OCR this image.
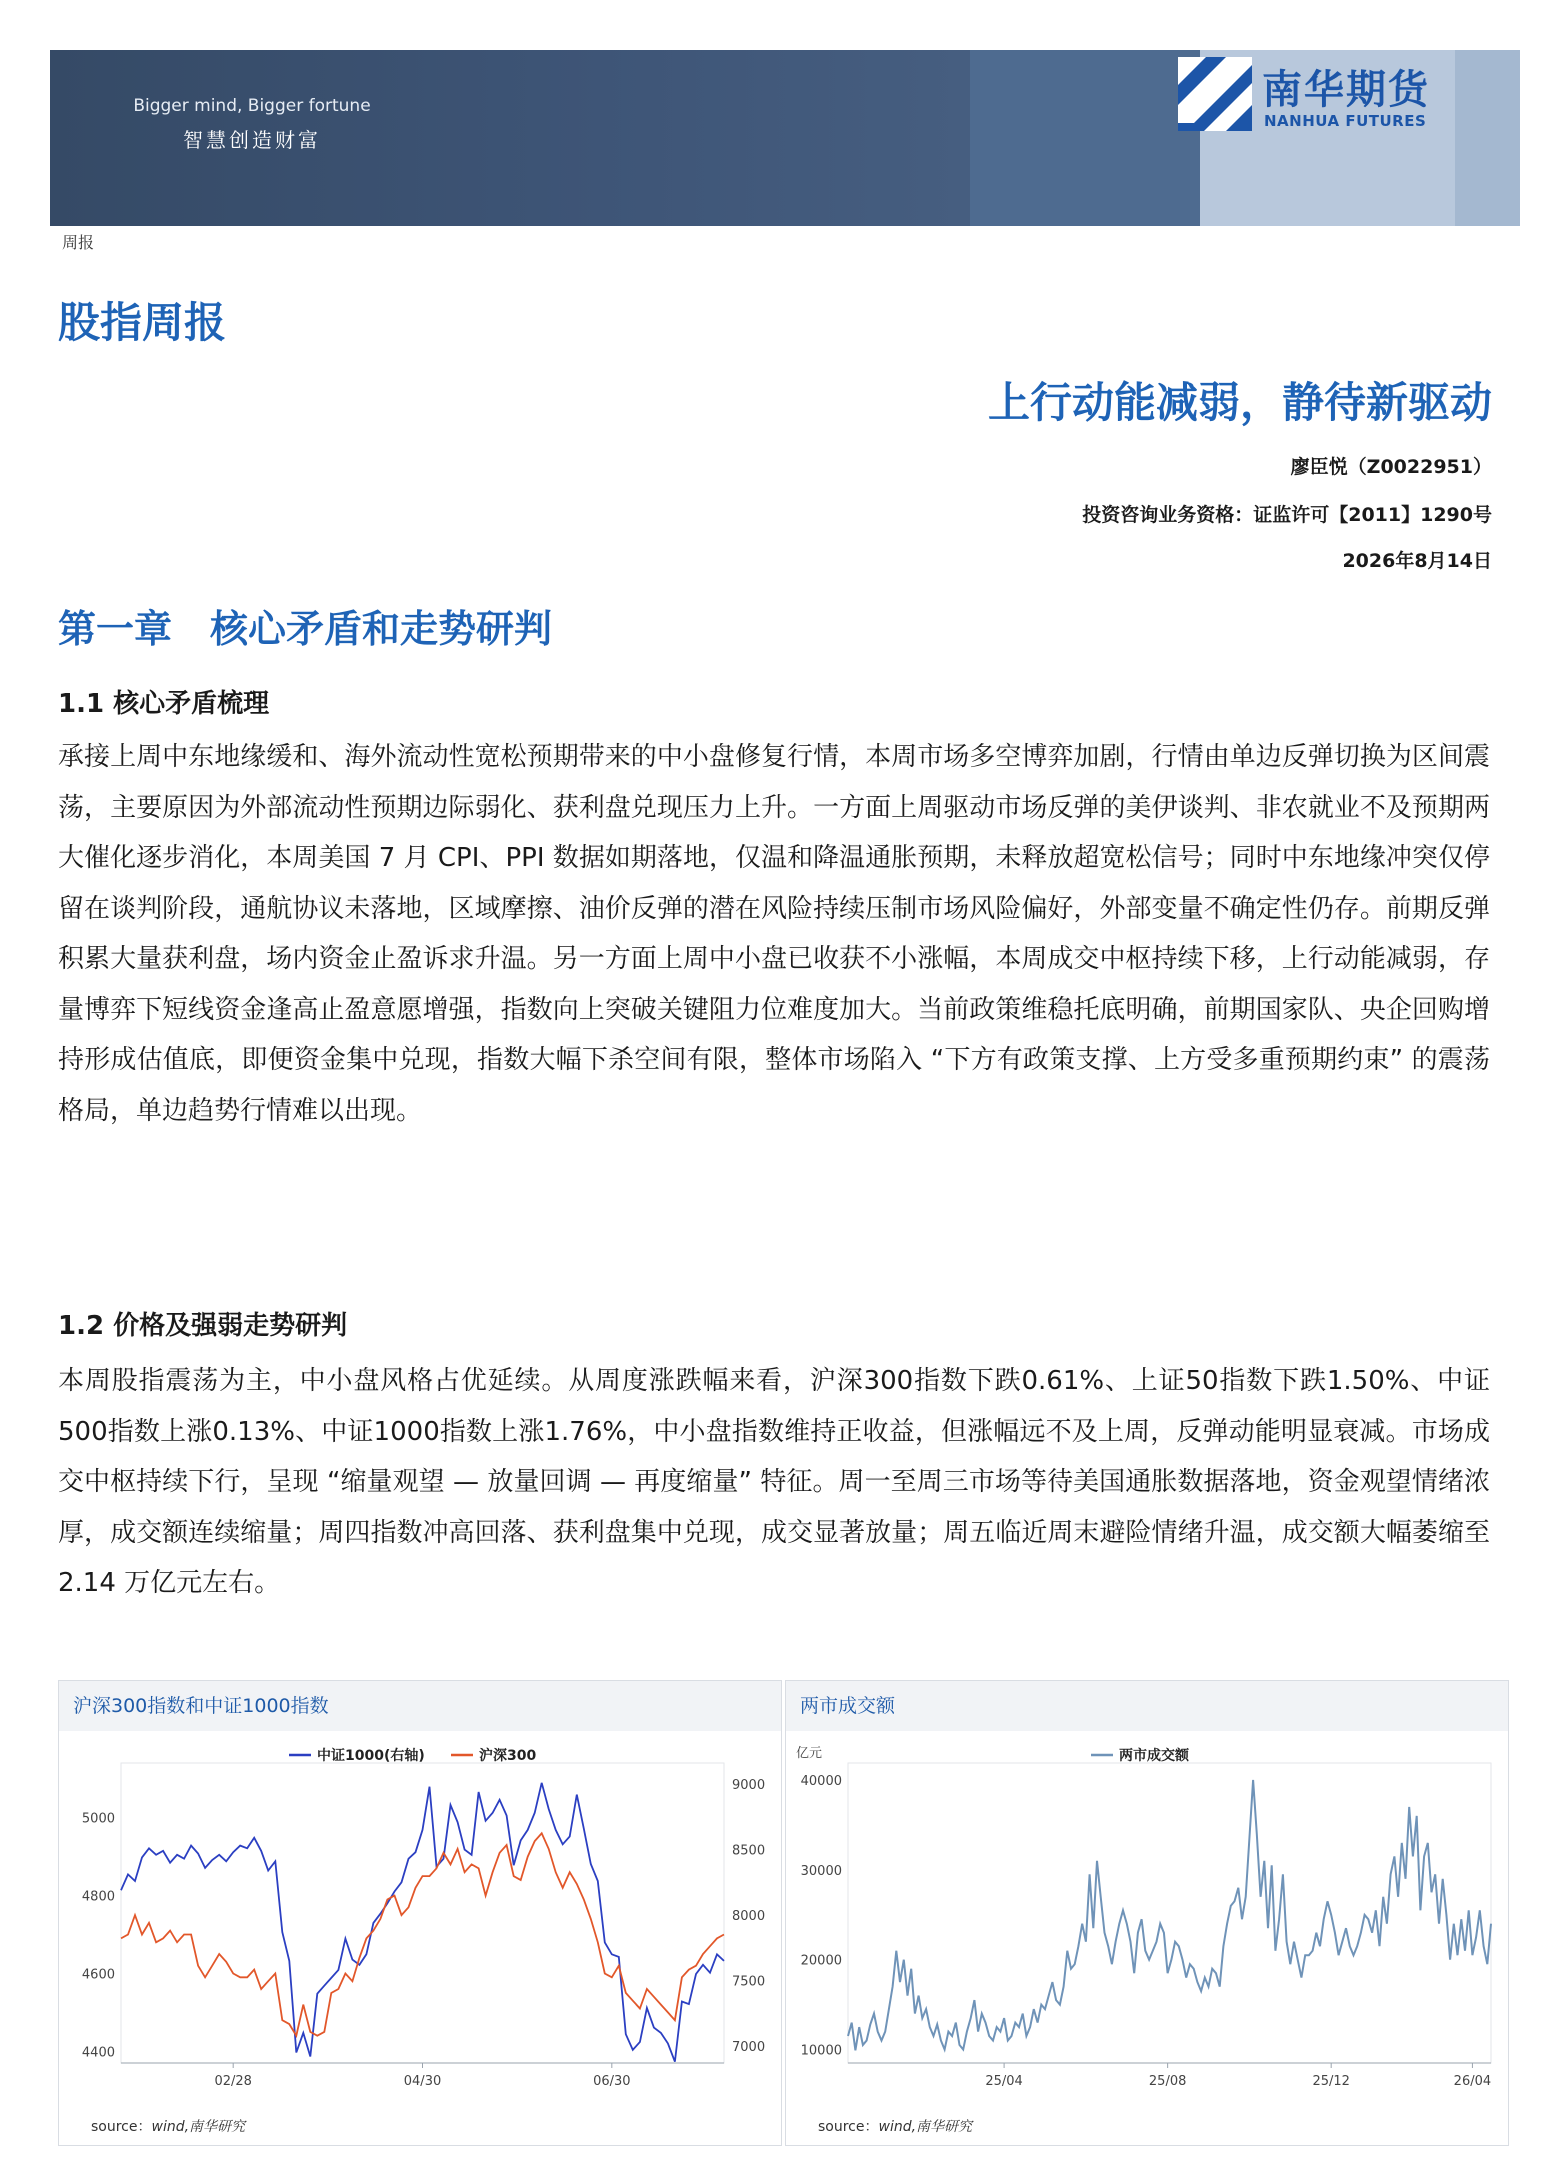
Bigger mind, Bigger fortune
智慧创造财富
南华期货
NANHUA FUTURES
周报
股指周报
上行动能减弱，静待新驱动
廖臣悦（Z0022951）
投资咨询业务资格：证监许可【2011】1290号
2026年8月14日
第一章　核心矛盾和走势研判
1.1 核心矛盾梳理
承接上周中东地缘缓和、海外流动性宽松预期带来的中小盘修复行情，本周市场多空博弈加剧，行情由单边反弹切换为区间震荡，主要原因为外部流动性预期边际弱化、获利盘兑现压力上升。一方面上周驱动市场反弹的美伊谈判、非农就业不及预期两大催化逐步消化，本周美国 7 月 CPI、PPI 数据如期落地，仅温和降温通胀预期，未释放超宽松信号；同时中东地缘冲突仅停留在谈判阶段，通航协议未落地，区域摩擦、油价反弹的潜在风险持续压制市场风险偏好，外部变量不确定性仍存。前期反弹积累大量获利盘，场内资金止盈诉求升温。另一方面上周中小盘已收获不小涨幅，本周成交中枢持续下移，上行动能减弱，存量博弈下短线资金逢高止盈意愿增强，指数向上突破关键阻力位难度加大。当前政策维稳托底明确，前期国家队、央企回购增持形成估值底，即便资金集中兑现，指数大幅下杀空间有限，整体市场陷入 “下方有政策支撑、上方受多重预期约束” 的震荡格局，单边趋势行情难以出现。
1.2 价格及强弱走势研判
本周股指震荡为主，中小盘风格占优延续。从周度涨跌幅来看，沪深300指数下跌0.61%、上证50指数下跌1.50%、中证500指数上涨0.13%、中证1000指数上涨1.76%，中小盘指数维持正收益，但涨幅远不及上周，反弹动能明显衰减。市场成交中枢持续下行，呈现 “缩量观望 — 放量回调 — 再度缩量” 特征。周一至周三市场等待美国通胀数据落地，资金观望情绪浓厚，成交额连续缩量；周四指数冲高回落、获利盘集中兑现，成交显著放量；周五临近周末避险情绪升温，成交额大幅萎缩至 2.14 万亿元左右。
沪深300指数和中证1000指数
4400
4600
4800
5000
7000
7500
8000
8500
9000
02/28	04/30	06/30
中证1000(右轴)	沪深300
source：wind,南华研究
两市成交额
亿元
10000
20000
30000
40000
25/04	25/08	25/12	26/04
两市成交额
source：wind,南华研究
